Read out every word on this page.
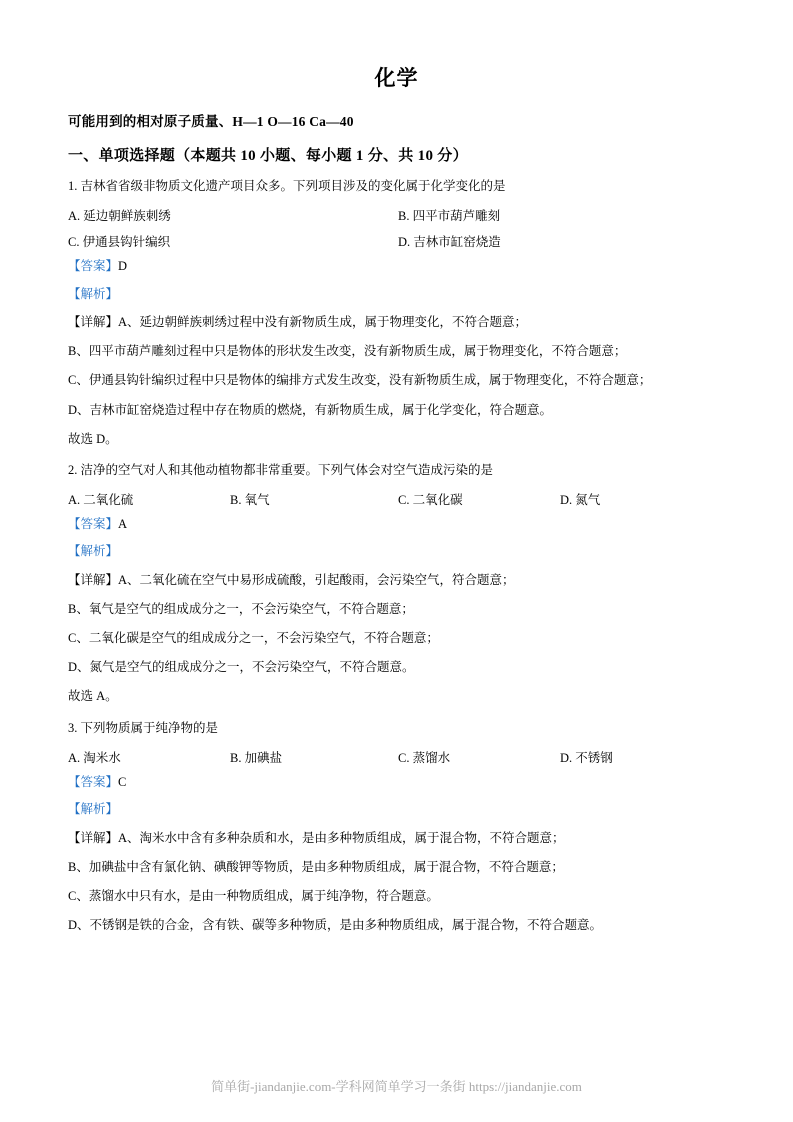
化学
可能用到的相对原子质量、H—1 O—16 Ca—40
一、单项选择题（本题共 10 小题、每小题 1 分、共 10 分）
1. 吉林省省级非物质文化遗产项目众多。下列项目涉及的变化属于化学变化的是
A. 延边朝鲜族刺绣	B. 四平市葫芦雕刻
C. 伊通县钩针编织	D. 吉林市缸窑烧造
【答案】D
【解析】
【详解】A、延边朝鲜族刺绣过程中没有新物质生成，属于物理变化，不符合题意；
B、四平市葫芦雕刻过程中只是物体的形状发生改变，没有新物质生成，属于物理变化，不符合题意；
C、伊通县钩针编织过程中只是物体的编排方式发生改变，没有新物质生成，属于物理变化，不符合题意；
D、吉林市缸窑烧造过程中存在物质的燃烧，有新物质生成，属于化学变化，符合题意。
故选 D。
2. 洁净的空气对人和其他动植物都非常重要。下列气体会对空气造成污染的是
A. 二氧化硫	B. 氧气	C. 二氧化碳	D. 氮气
【答案】A
【解析】
【详解】A、二氧化硫在空气中易形成硫酸，引起酸雨，会污染空气，符合题意；
B、氧气是空气的组成成分之一，不会污染空气，不符合题意；
C、二氧化碳是空气的组成成分之一，不会污染空气，不符合题意；
D、氮气是空气的组成成分之一，不会污染空气，不符合题意。
故选 A。
3. 下列物质属于纯净物的是
A. 淘米水	B. 加碘盐	C. 蒸馏水	D. 不锈钢
【答案】C
【解析】
【详解】A、淘米水中含有多种杂质和水，是由多种物质组成，属于混合物，不符合题意；
B、加碘盐中含有氯化钠、碘酸钾等物质，是由多种物质组成，属于混合物，不符合题意；
C、蒸馏水中只有水，是由一种物质组成，属于纯净物，符合题意。
D、不锈钢是铁的合金，含有铁、碳等多种物质，是由多种物质组成，属于混合物，不符合题意。
简单街-jiandanjie.com-学科网简单学习一条街 https://jiandanjie.com
